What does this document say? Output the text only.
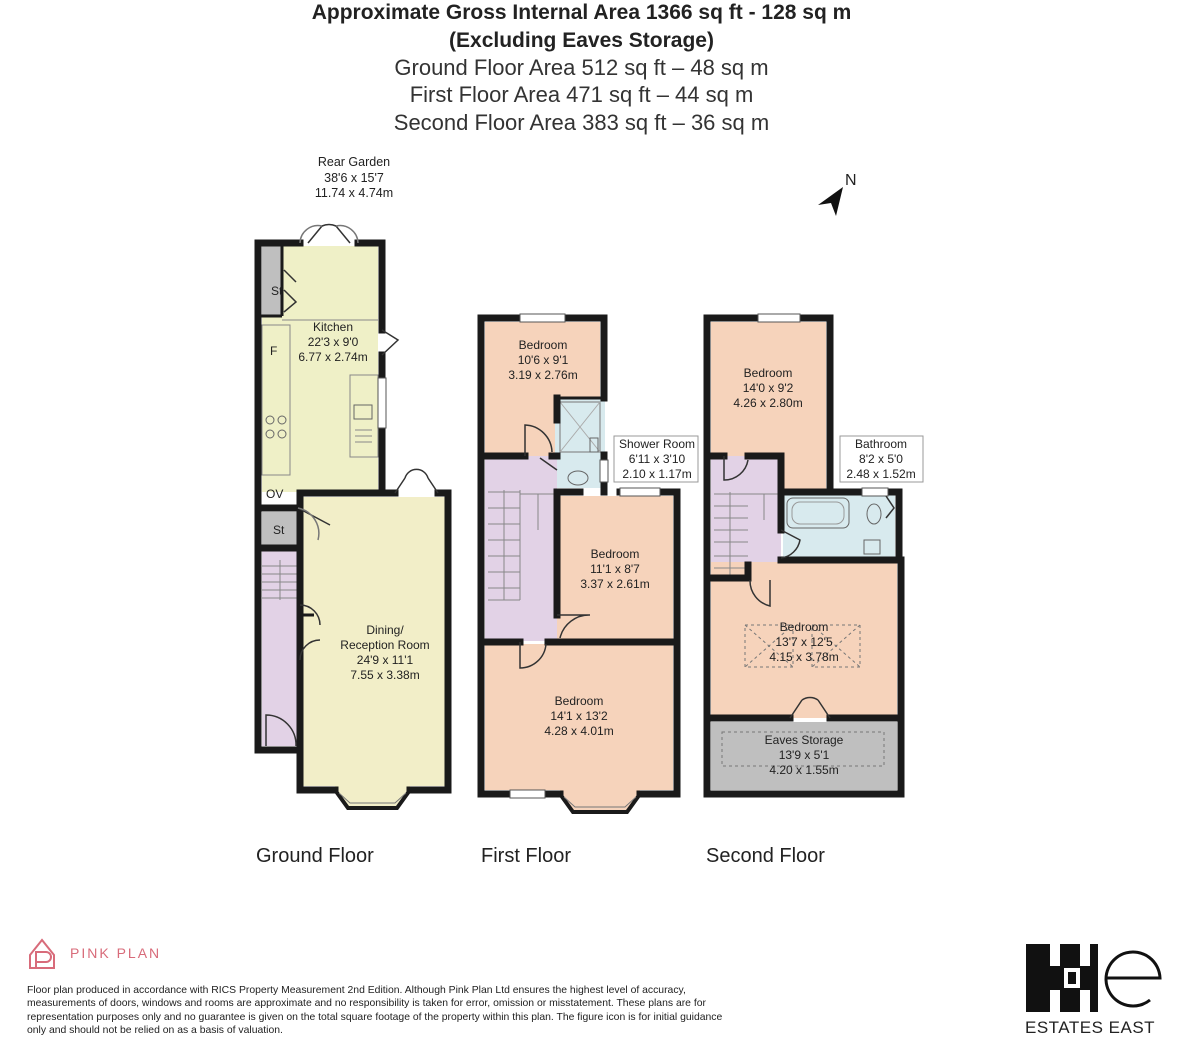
Approximate Gross Internal Area 1366 sq ft - 128 sq m
(Excluding Eaves Storage)
Ground Floor Area 512 sq ft – 48 sq m
First Floor Area 471 sq ft – 44 sq m
Second Floor Area 383 sq ft – 36 sq m
N
Rear Garden
38'6 x 15'7
11.74 x 4.74m
St
St
F
OV
Kitchen
22'3 x 9'0
6.77 x 2.74m
Dining/
Reception Room
24'9 x 11'1
7.55 x 3.38m
Bedroom
10'6 x 9'1
3.19 x 2.76m
Shower Room
6'11 x 3'10
2.10 x 1.17m
Bedroom
11'1 x 8'7
3.37 x 2.61m
Bedroom
14'1 x 13'2
4.28 x 4.01m
Bedroom
14'0 x 9'2
4.26 x 2.80m
Bathroom
8'2 x 5'0
2.48 x 1.52m
Bedroom
13'7 x 12'5
4.15 x 3.78m
Eaves Storage
13'9 x 5'1
4.20 x 1.55m
Ground Floor	First Floor	Second Floor
PINK PLAN
Floor plan produced in accordance with RICS Property Measurement 2nd Edition. Although Pink Plan Ltd ensures the highest level of accuracy, measurements of doors, windows and rooms are approximate and no responsibility is taken for error, omission or misstatement. These plans are for representation purposes only and no guarantee is given on the total square footage of the property within this plan. The figure icon is for initial guidance only and should not be relied on as a basis of valuation.	ESTATES EAST
